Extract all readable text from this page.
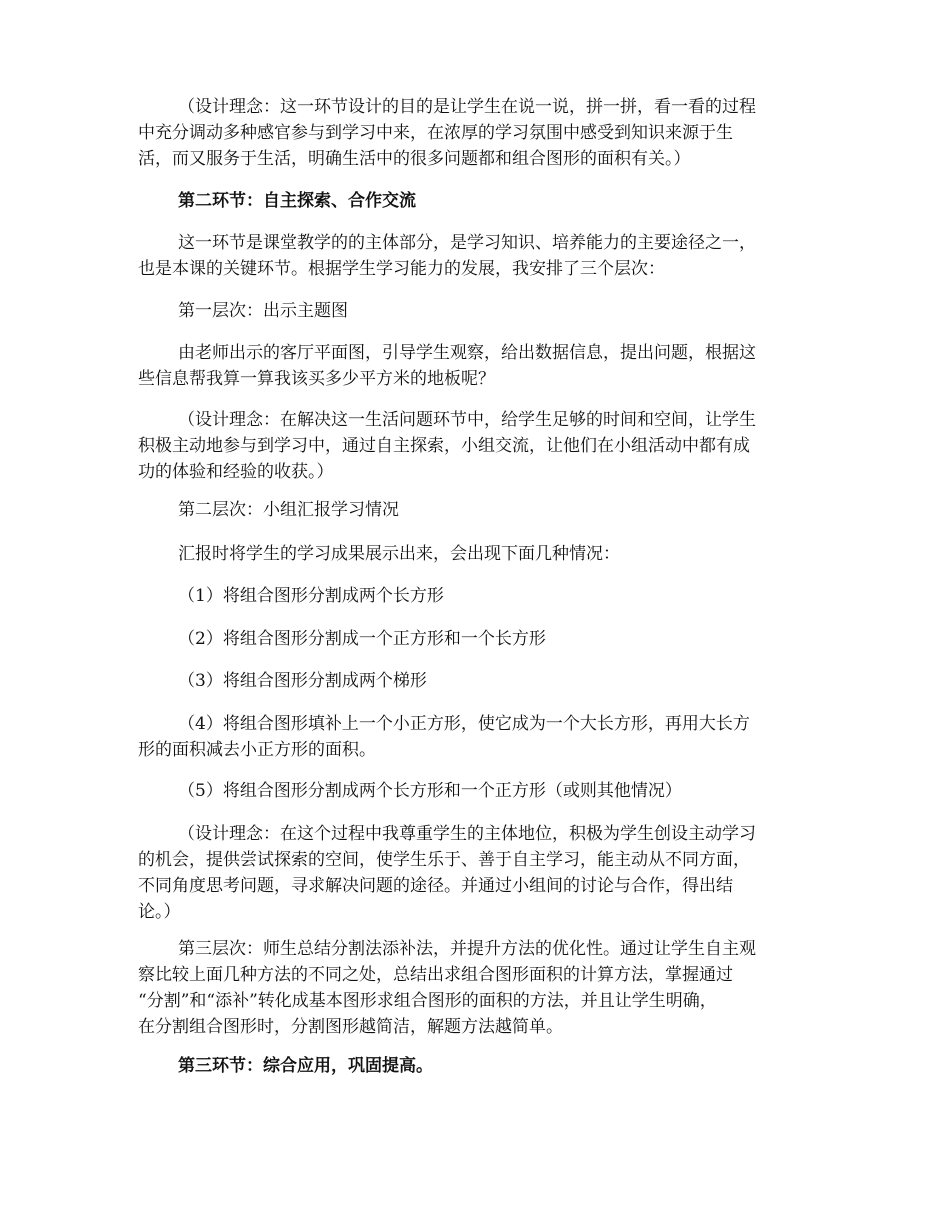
（设计理念：这一环节设计的目的是让学生在说一说，拼一拼，看一看的过程
中充分调动多种感官参与到学习中来，在浓厚的学习氛围中感受到知识来源于生
活，而又服务于生活，明确生活中的很多问题都和组合图形的面积有关。）

第二环节：自主探索、合作交流

这一环节是课堂教学的的主体部分，是学习知识、培养能力的主要途径之一，
也是本课的关键环节。根据学生学习能力的发展，我安排了三个层次：

第一层次：出示主题图

由老师出示的客厅平面图，引导学生观察，给出数据信息，提出问题，根据这
些信息帮我算一算我该买多少平方米的地板呢？

（设计理念：在解决这一生活问题环节中，给学生足够的时间和空间，让学生
积极主动地参与到学习中，通过自主探索，小组交流，让他们在小组活动中都有成
功的体验和经验的收获。）

第二层次：小组汇报学习情况

汇报时将学生的学习成果展示出来，会出现下面几种情况：

（1）将组合图形分割成两个长方形

（2）将组合图形分割成一个正方形和一个长方形

（3）将组合图形分割成两个梯形

（4）将组合图形填补上一个小正方形，使它成为一个大长方形，再用大长方
形的面积减去小正方形的面积。

（5）将组合图形分割成两个长方形和一个正方形（或则其他情况）

（设计理念：在这个过程中我尊重学生的主体地位，积极为学生创设主动学习
的机会，提供尝试探索的空间，使学生乐于、善于自主学习，能主动从不同方面，
不同角度思考问题，寻求解决问题的途径。并通过小组间的讨论与合作，得出结
论。）

第三层次：师生总结分割法添补法，并提升方法的优化性。通过让学生自主观
察比较上面几种方法的不同之处，总结出求组合图形面积的计算方法，掌握通过
“分割”和“添补”转化成基本图形求组合图形的面积的方法，并且让学生明确，
在分割组合图形时，分割图形越简洁，解题方法越简单。

第三环节：综合应用，巩固提高。
